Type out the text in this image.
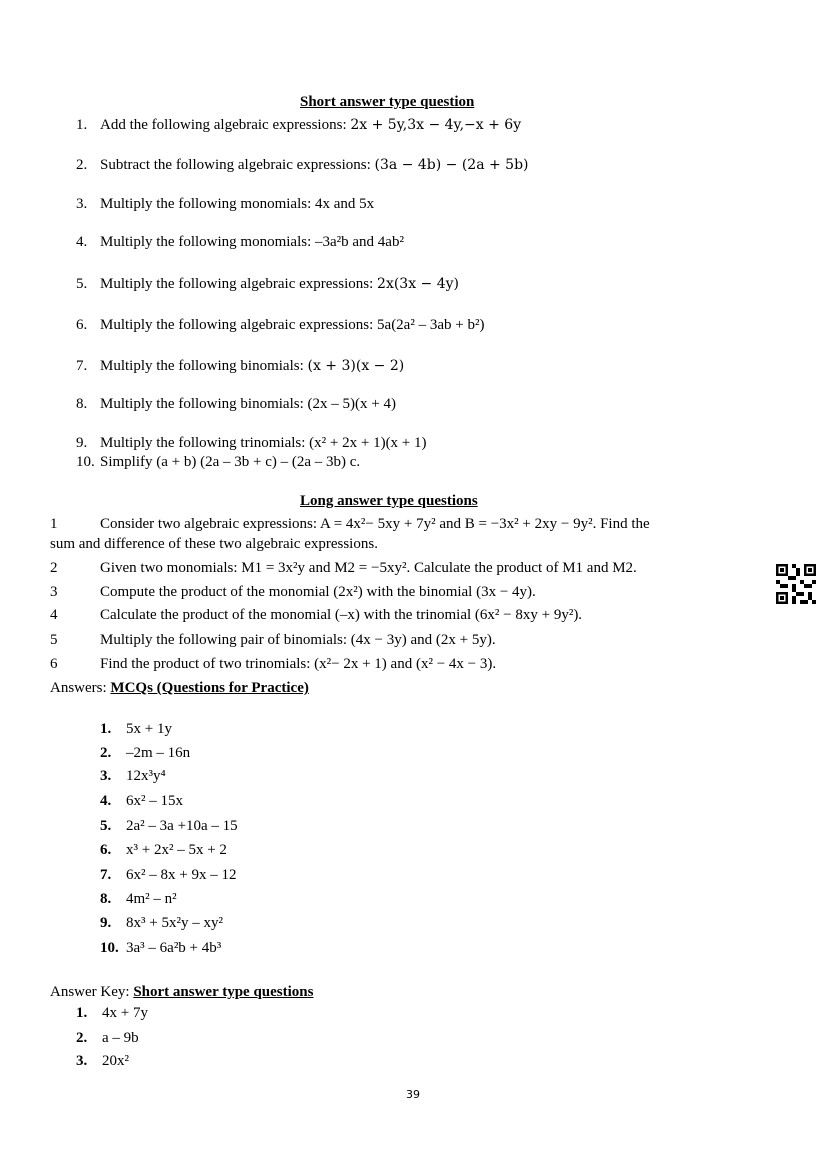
Short answer type question
1. Add the following algebraic expressions: 2x + 5y,3x − 4y,−x + 6y
2. Subtract the following algebraic expressions: (3a − 4b) − (2a + 5b)
3. Multiply the following monomials: 4x and 5x
4. Multiply the following monomials: –3a²b and 4ab²
5. Multiply the following algebraic expressions: 2x(3x − 4y)
6. Multiply the following algebraic expressions: 5a(2a² – 3ab + b²)
7. Multiply the following binomials: (x + 3)(x − 2)
8. Multiply the following binomials: (2x – 5)(x + 4)
9. Multiply the following trinomials: (x² + 2x + 1)(x + 1)
10. Simplify (a + b) (2a – 3b + c) – (2a – 3b) c.
Long answer type questions
1	Consider two algebraic expressions: A = 4x²− 5xy + 7y² and B = −3x² + 2xy − 9y². Find the
sum and difference of these two algebraic expressions.
2	Given two monomials: M1 = 3x²y and M2 = −5xy². Calculate the product of M1 and M2.
3	Compute the product of the monomial (2x²) with the binomial (3x − 4y).
4	Calculate the product of the monomial (–x) with the trinomial (6x² − 8xy + 9y²).
5	Multiply the following pair of binomials: (4x − 3y) and (2x + 5y).
6	Find the product of two trinomials: (x²− 2x + 1) and (x² − 4x − 3).
Answers: MCQs (Questions for Practice)
1. 5x + 1y
2. –2m – 16n
3. 12x³y⁴
4. 6x² – 15x
5. 2a² – 3a +10a – 15
6. x³ + 2x² – 5x + 2
7. 6x² – 8x + 9x – 12
8. 4m² – n²
9. 8x³ + 5x²y – xy²
10. 3a³ – 6a²b + 4b³
Answer Key: Short answer type questions
1. 4x + 7y
2. a – 9b
3. 20x²
39
